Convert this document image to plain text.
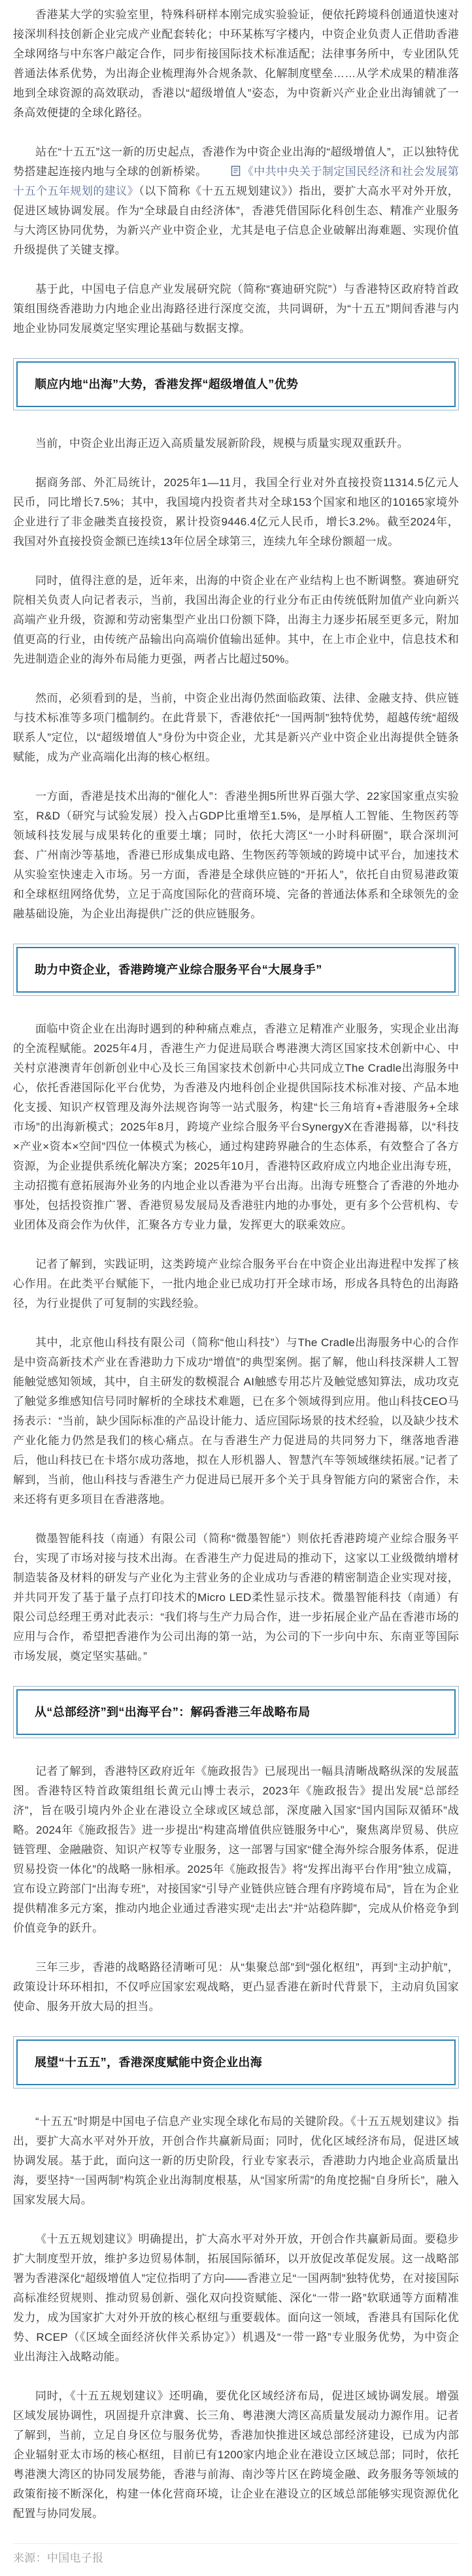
香港某大学的实验室里，特殊科研样本刚完成实验验证，便依托跨境科创通道快速对接深圳科技创新企业完成产业配套转化；中环某栋写字楼内，中资企业负责人正借助香港全球网络与中东客户敲定合作，同步衔接国际技术标准适配；法律事务所中，专业团队凭普通法体系优势，为出海企业梳理海外合规条款、化解制度壁垒……从学术成果的精准落地到全球资源的高效联动，香港以“超级增值人”姿态，为中资新兴产业企业出海铺就了一条高效便捷的全球化路径。

站在“十五五”这一新的历史起点，香港作为中资企业出海的“超级增值人”，正以独特优势搭建起连接内地与全球的创新桥梁。	《中共中央关于制定国民经济和社会发展第十五个五年规划的建议》（以下简称《十五五规划建议》）指出，要扩大高水平对外开放，促进区域协调发展。作为“全球最自由经济体”，香港凭借国际化科创生态、精准产业服务与大湾区协同优势，为新兴产业中资企业，尤其是电子信息企业破解出海难题、实现价值升级提供了关键支撑。

基于此，中国电子信息产业发展研究院（简称“赛迪研究院”）与香港特区政府特首政策组围绕香港助力内地企业出海路径进行深度交流，共同调研，为“十五五”期间香港与内地企业协同发展奠定坚实理论基础与数据支撑。

顺应内地“出海”大势，香港发挥“超级增值人”优势

当前，中资企业出海正迈入高质量发展新阶段，规模与质量实现双重跃升。

据商务部、外汇局统计，2025年1—11月，我国全行业对外直接投资11314.5亿元人民币，同比增长7.5%；其中，我国境内投资者共对全球153个国家和地区的10165家境外企业进行了非金融类直接投资，累计投资9446.4亿元人民币，增长3.2%。截至2024年，我国对外直接投资金额已连续13年位居全球第三，连续九年全球份额超一成。

同时，值得注意的是，近年来，出海的中资企业在产业结构上也不断调整。赛迪研究院相关负责人向记者表示，当前，我国出海企业的行业分布正由传统低附加值产业向新兴高端产业升级，资源和劳动密集型产业出口份额下降，出海主力逐步拓展至更多元，附加值更高的行业，由传统产品输出向高端价值输出延伸。其中，在上市企业中，信息技术和先进制造企业的海外布局能力更强，两者占比超过50%。

然而，必须看到的是，当前，中资企业出海仍然面临政策、法律、金融支持、供应链与技术标准等多项门槛制约。在此背景下，香港依托“一国两制”独特优势，超越传统“超级联系人”定位，以“超级增值人”身份为中资企业，尤其是新兴产业中资企业出海提供全链条赋能，成为产业高端化出海的核心枢纽。

一方面，香港是技术出海的“催化人”：香港坐拥5所世界百强大学、22家国家重点实验室，R&D（研究与试验发展）投入占GDP比重增至1.5%，是厚植人工智能、生物医药等领域科技发展与成果转化的重要土壤；同时，依托大湾区“一小时科研圈”，联合深圳河套、广州南沙等基地，香港已形成集成电路、生物医药等领域的跨境中试平台，加速技术从实验室快速走入市场。另一方面，香港是全球供应链的“开拓人”，依托自由贸易港政策和全球枢纽网络优势，立足于高度国际化的营商环境、完备的普通法体系和全球领先的金融基础设施，为企业出海提供广泛的供应链服务。

助力中资企业，香港跨境产业综合服务平台“大展身手”

面临中资企业在出海时遇到的种种痛点难点，香港立足精准产业服务，实现企业出海的全流程赋能。2025年4月，香港生产力促进局联合粤港澳大湾区国家技术创新中心、中关村京港澳青年创新创业中心及长三角国家技术创新中心共同成立The Cradle出海服务中心，依托香港国际化平台优势，为香港及内地科创企业提供国际技术标准对接、产品本地化支援、知识产权管理及海外法规咨询等一站式服务，构建“长三角培育+香港服务+全球市场”的出海新模式；2025年8月，跨境产业综合服务平台SynergyX在香港揭幕，以“科技×产业×资本×空间”四位一体模式为核心，通过构建跨界融合的生态体系，有效整合了各方资源，为企业提供系统化解决方案；2025年10月，香港特区政府成立内地企业出海专班，主动招揽有意拓展海外业务的内地企业以香港为平台出海。出海专班整合了香港的外地办事处，包括投资推广署、香港贸易发展局及香港驻内地的办事处，更有多个公营机构、专业团体及商会作为伙伴，汇聚各方专业力量，发挥更大的联乘效应。

记者了解到，实践证明，这类跨境产业综合服务平台在中资企业出海进程中发挥了核心作用。在此类平台赋能下，一批内地企业已成功打开全球市场，形成各具特色的出海路径，为行业提供了可复制的实践经验。

其中，北京他山科技有限公司（简称“他山科技”）与The Cradle出海服务中心的合作是中资高新技术产业在香港助力下成功“增值”的典型案例。据了解，他山科技深耕人工智能触觉感知领域，其中，自主研发的数模混合 AI触感专用芯片及触觉感知算法，成功攻克了触觉多维感知信号同时解析的全球技术难题，已在多个领域得到应用。他山科技CEO马扬表示：“当前，缺少国际标准的产品设计能力、适应国际场景的技术经验，以及缺少技术产业化能力仍然是我们的核心痛点。在与香港生产力促进局的共同努力下，继落地香港后，他山科技已在卡塔尔成功落地，拟在人形机器人、智慧汽车等领域继续拓展。”记者了解到，当前，他山科技与香港生产力促进局已展开多个关于具身智能方向的紧密合作，未来还将有更多项目在香港落地。

微墨智能科技（南通）有限公司（简称“微墨智能”）则依托香港跨境产业综合服务平台，实现了市场对接与技术出海。在香港生产力促进局的推动下，这家以工业级微纳增材制造装备及材料的研发与产业化为主营业务的企业成功与香港的精密制造企业实现对接，并共同开发了基于量子点打印技术的Micro LED柔性显示技术。微墨智能科技（南通）有限公司总经理王勇对此表示：“我们将与生产力局合作，进一步拓展企业产品在香港市场的应用与合作，希望把香港作为公司出海的第一站，为公司的下一步向中东、东南亚等国际市场发展，奠定坚实基础。”

从“总部经济”到“出海平台”：解码香港三年战略布局

记者了解到，香港特区政府近年《施政报告》已展现出一幅具清晰战略纵深的发展蓝图。香港特区特首政策组组长黄元山博士表示，2023年《施政报告》提出发展“总部经济”，旨在吸引境内外企业在港设立全球或区域总部，深度融入国家“国内国际双循环”战略。2024年《施政报告》进一步提出“构建高增值供应链服务中心”，聚焦离岸贸易、供应链管理、金融融资、知识产权等专业服务，这一部署与国家“健全海外综合服务体系，促进贸易投资一体化”的战略一脉相承。2025年《施政报告》将“发挥出海平台作用”独立成篇，宣布设立跨部门“出海专班”，对接国家“引导产业链供应链合理有序跨境布局”，旨在为企业提供精准多元方案，推动内地企业通过香港实现“走出去”并“站稳阵脚”，完成从价格竞争到价值竞争的跃升。

三年三步，香港的战略路径清晰可见：从“集聚总部”到“强化枢纽”，再到“主动护航”，政策设计环环相扣，不仅呼应国家宏观战略，更凸显香港在新时代背景下，主动肩负国家使命、服务开放大局的担当。

展望“十五五”，香港深度赋能中资企业出海

“十五五”时期是中国电子信息产业实现全球化布局的关键阶段。《十五五规划建议》指出，要扩大高水平对外开放，开创合作共赢新局面；同时，优化区域经济布局，促进区域协调发展。基于此，面向这一新的历史阶段，行业专家表示，香港助力内地企业高质量出海，要坚持“一国两制”构筑企业出海制度根基，从“国家所需”的角度挖掘“自身所长”，融入国家发展大局。

《十五五规划建议》明确提出，扩大高水平对外开放，开创合作共赢新局面。要稳步扩大制度型开放，维护多边贸易体制，拓展国际循环，以开放促改革促发展。这一战略部署为香港深化“超级增值人”定位指明了方向——香港立足“一国两制”独特优势，在对接国际高标准经贸规则、推动贸易创新、强化双向投资赋能、深化“一带一路”软联通等方面精准发力，成为国家扩大对外开放的核心枢纽与重要载体。面向这一领域，香港具有国际化优势、RCEP（《区域全面经济伙伴关系协定》）机遇及“一带一路”专业服务优势，为中资企业出海注入战略动能。

同时，《十五五规划建议》还明确，要优化区域经济布局，促进区域协调发展。增强区域发展协调性，巩固提升京津冀、长三角、粤港澳大湾区高质量发展动力源作用。记者了解到，当前，立足自身区位与服务优势，香港加快推进区域总部经济建设，已成为内部企业辐射亚太市场的核心枢纽，目前已有1200家内地企业在港设立区域总部；同时，依托粤港澳大湾区的协同发展势能，香港与前海、南沙等片区在跨境金融、政务服务等领域的政策衔接不断深化，构建一体化营商环境，让企业在港设立的区域总部能够实现资源优化配置与协同发展。

来源：中国电子报
